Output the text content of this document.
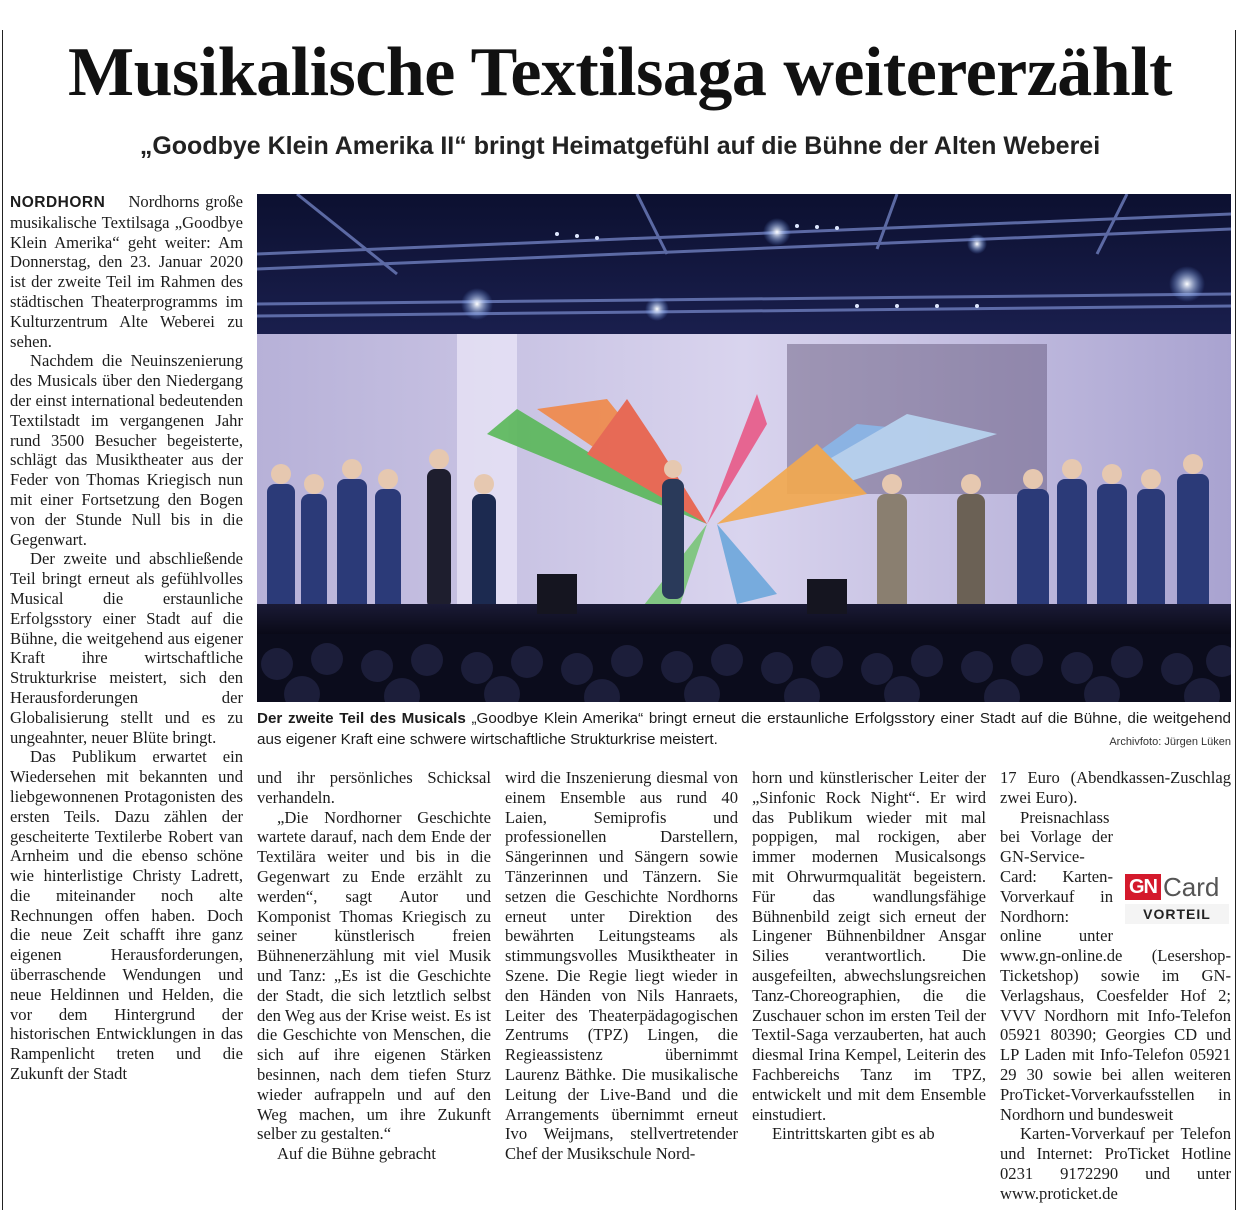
Musikalische Textilsaga weitererzählt
„Goodbye Klein Amerika II“ bringt Heimatgefühl auf die Bühne der Alten Weberei

NORDHORN Nordhorns große musikalische Textilsaga „Goodbye Klein Amerika“ geht weiter: Am Donnerstag, den 23. Januar 2020 ist der zweite Teil im Rahmen des städtischen Theaterprogramms im Kulturzentrum Alte Weberei zu sehen.

Nachdem die Neuinszenierung des Musicals über den Niedergang der einst international bedeutenden Textilstadt im vergangenen Jahr rund 3500 Besucher begeisterte, schlägt das Musiktheater aus der Feder von Thomas Kriegisch nun mit einer Fortsetzung den Bogen von der Stunde Null bis in die Gegenwart.

Der zweite und abschließende Teil bringt erneut als gefühlvolles Musical die erstaunliche Erfolgsstory einer Stadt auf die Bühne, die weitgehend aus eigener Kraft ihre wirtschaftliche Strukturkrise meistert, sich den Herausforderungen der Globalisierung stellt und es zu ungeahnter, neuer Blüte bringt.

Das Publikum erwartet ein Wiedersehen mit bekannten und liebgewonnenen Protagonisten des ersten Teils. Dazu zählen der gescheiterte Textilerbe Robert van Arnheim und die ebenso schöne wie hinterlistige Christy Ladrett, die miteinander noch alte Rechnungen offen haben. Doch die neue Zeit schafft ihre ganz eigenen Herausforderungen, überraschende Wendungen und neue Heldinnen und Helden, die vor dem Hintergrund der historischen Entwicklungen in das Rampenlicht treten und die Zukunft der Stadt

Der zweite Teil des Musicals „Goodbye Klein Amerika“ bringt erneut die erstaunliche Erfolgsstory einer Stadt auf die Bühne, die weitgehend aus eigener Kraft eine schwere wirtschaftliche Strukturkrise meistert.	Archivfoto: Jürgen Lüken

und ihr persönliches Schicksal verhandeln.

„Die Nordhorner Geschichte wartete darauf, nach dem Ende der Textilära weiter und bis in die Gegenwart zu Ende erzählt zu werden“, sagt Autor und Komponist Thomas Kriegisch zu seiner künstlerisch freien Bühnenerzählung mit viel Musik und Tanz: „Es ist die Geschichte der Stadt, die sich letztlich selbst den Weg aus der Krise weist. Es ist die Geschichte von Menschen, die sich auf ihre eigenen Stärken besinnen, nach dem tiefen Sturz wieder aufrappeln und auf den Weg machen, um ihre Zukunft selber zu gestalten.“

Auf die Bühne gebracht

wird die Inszenierung diesmal von einem Ensemble aus rund 40 Laien, Semiprofis und professionellen Darstellern, Sängerinnen und Sängern sowie Tänzerinnen und Tänzern. Sie setzen die Geschichte Nordhorns erneut unter Direktion des bewährten Leitungsteams als stimmungsvolles Musiktheater in Szene. Die Regie liegt wieder in den Händen von Nils Hanraets, Leiter des Theaterpädagogischen Zentrums (TPZ) Lingen, die Regieassistenz übernimmt Laurenz Bäthke. Die musikalische Leitung der Live-Band und die Arrangements übernimmt erneut Ivo Weijmans, stellvertretender Chef der Musikschule Nord-

horn und künstlerischer Leiter der „Sinfonic Rock Night“. Er wird das Publikum wieder mit mal poppigen, mal rockigen, aber immer modernen Musicalsongs mit Ohrwurmqualität begeistern. Für das wandlungsfähige Bühnenbild zeigt sich erneut der Lingener Bühnenbildner Ansgar Silies verantwortlich. Die ausgefeilten, abwechslungsreichen Tanz-Choreographien, die die Zuschauer schon im ersten Teil der Textil-Saga verzauberten, hat auch diesmal Irina Kempel, Leiterin des Fachbereichs Tanz im TPZ, entwickelt und mit dem Ensemble einstudiert.

Eintrittskarten gibt es ab

17 Euro (Abendkassen-Zuschlag zwei Euro).

GN Card
VORTEIL

Preisnachlass bei Vorlage der GN-Service-Card: Karten-Vorverkauf in Nordhorn: online unter www.gn-online.de (Lesershop-Ticketshop) sowie im GN-Verlagshaus, Coesfelder Hof 2; VVV Nordhorn mit Info-Telefon 05921 80390; Georgies CD und LP Laden mit Info-Telefon 05921 29 30 sowie bei allen weiteren ProTicket-Vorverkaufsstellen in Nordhorn und bundesweit

Karten-Vorverkauf per Telefon und Internet: ProTicket Hotline 0231 9172290 und unter www.proticket.de
